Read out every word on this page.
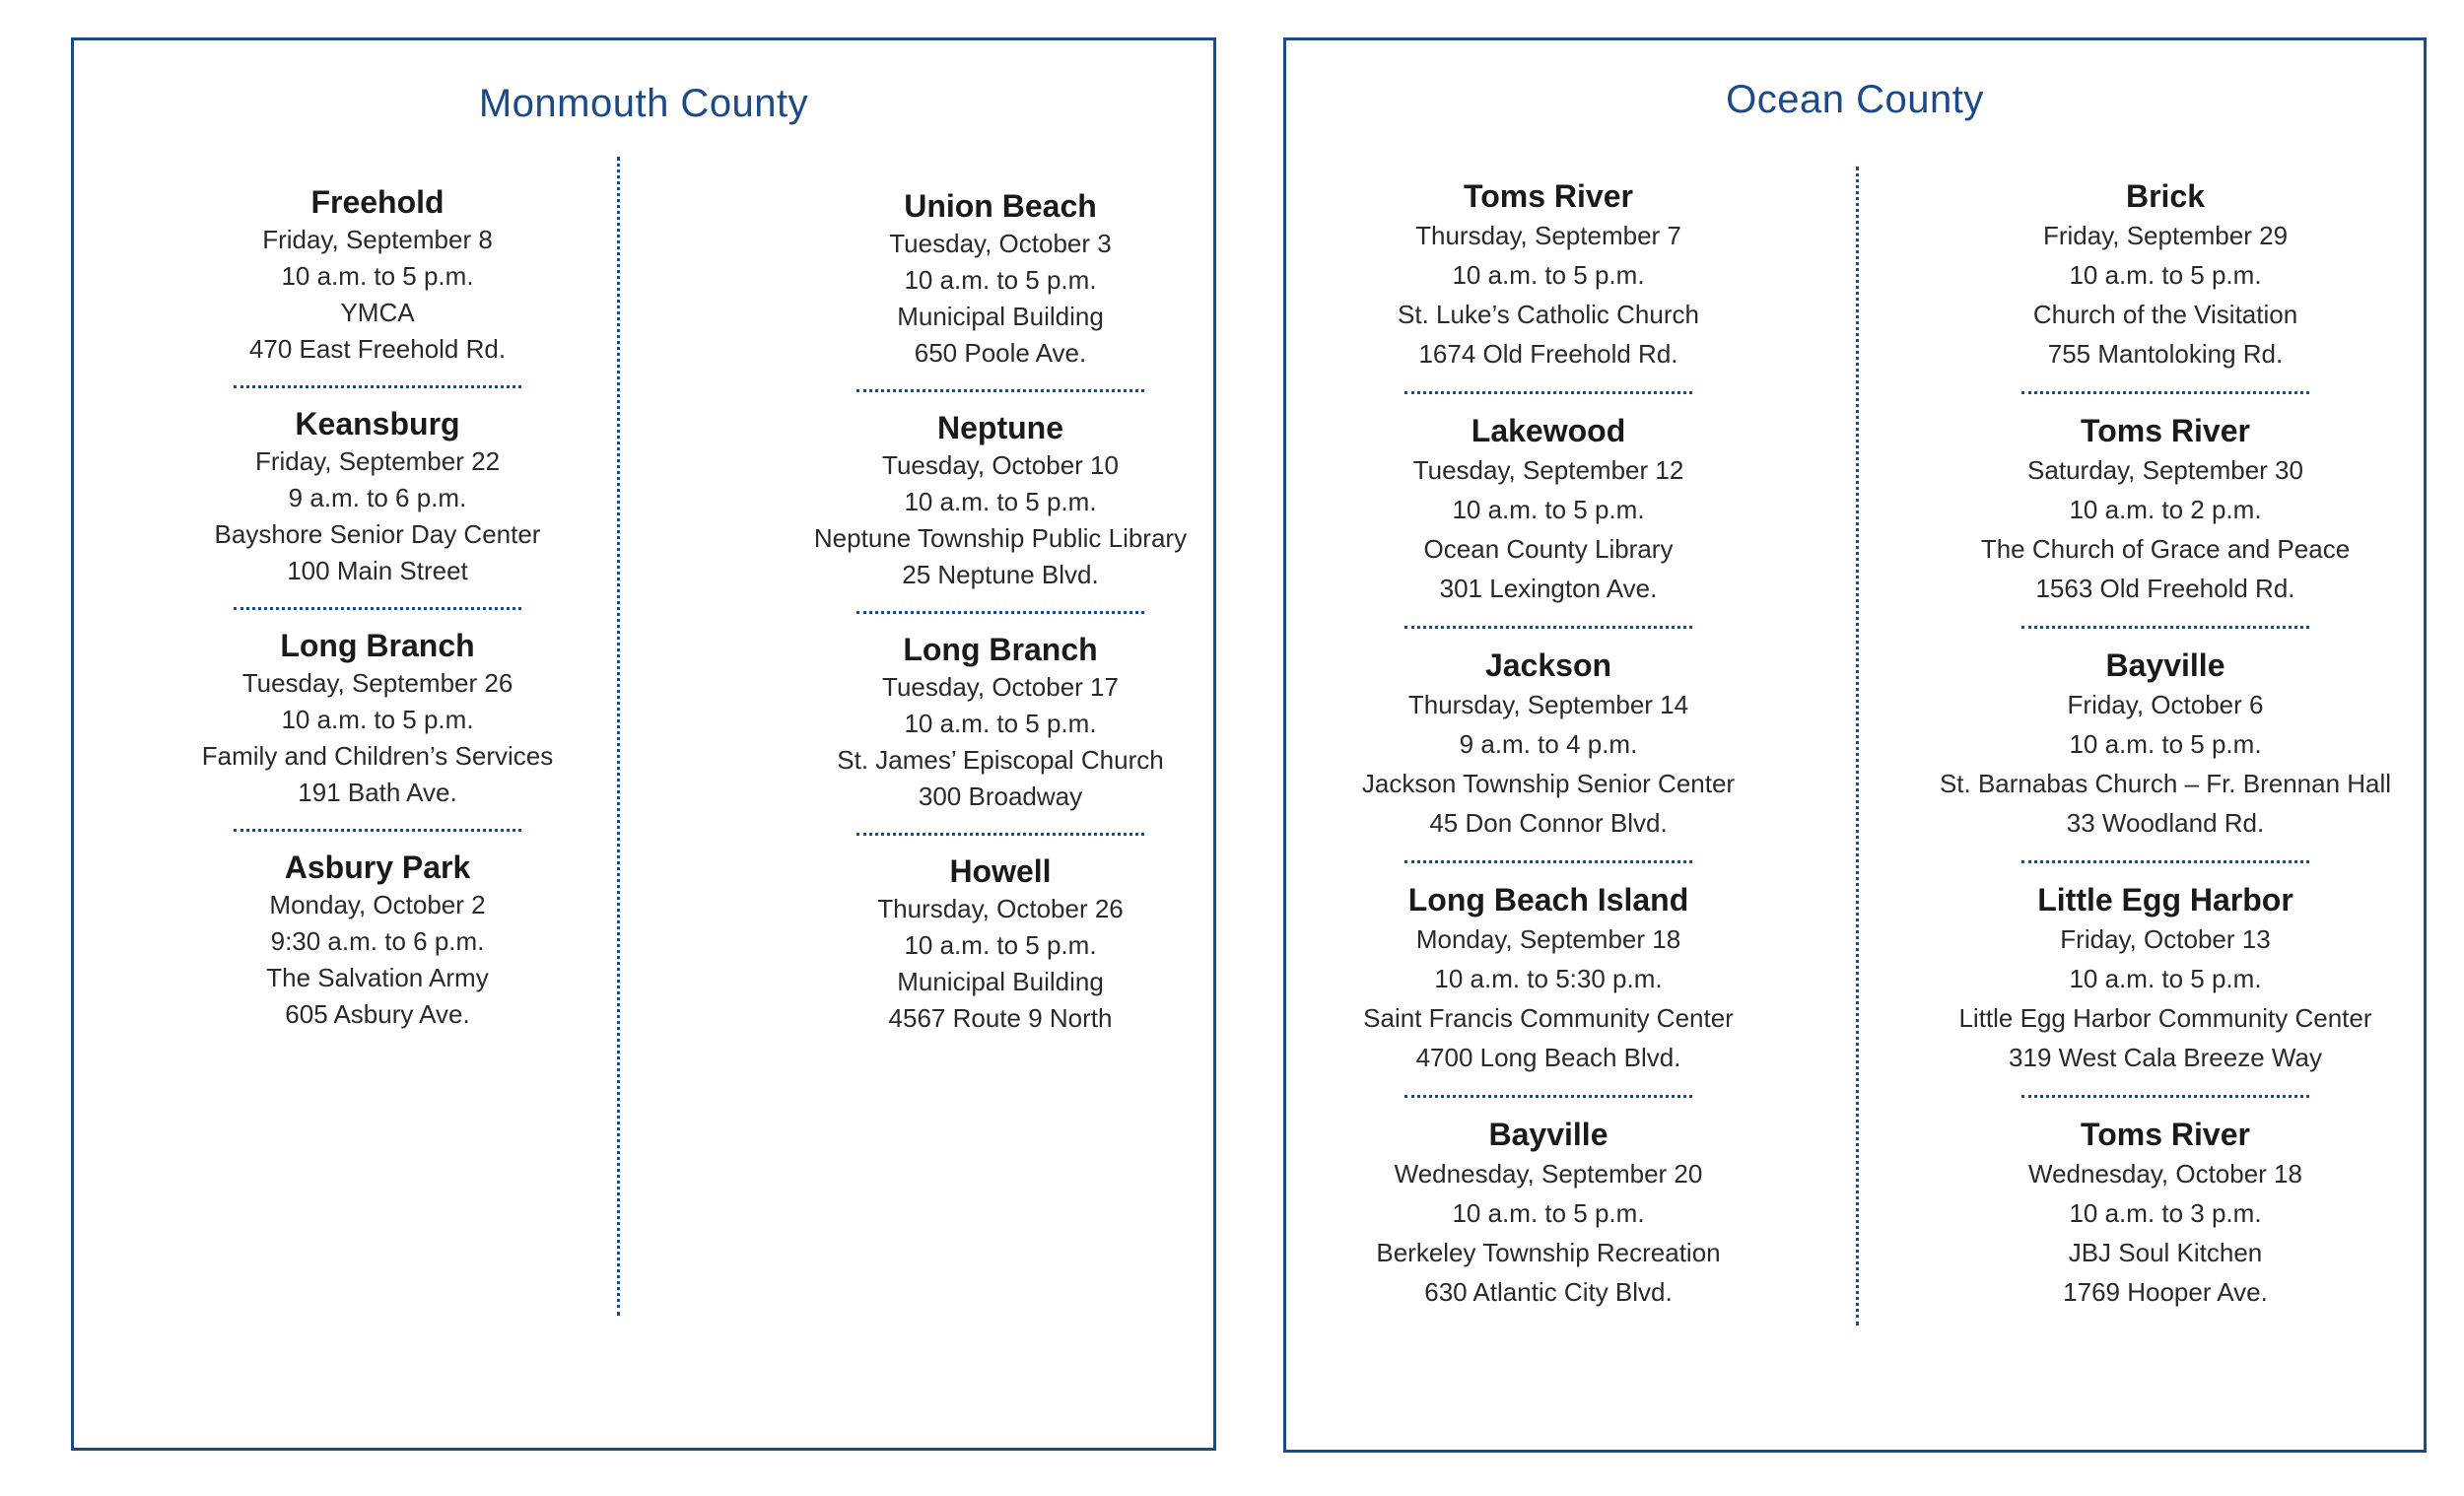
Monmouth County
Freehold
Friday, September 8
10 a.m. to 5 p.m.
YMCA
470 East Freehold Rd.
Keansburg
Friday, September 22
9 a.m. to 6 p.m.
Bayshore Senior Day Center
100 Main Street
Long Branch
Tuesday, September 26
10 a.m. to 5 p.m.
Family and Children’s Services
191 Bath Ave.
Asbury Park
Monday, October 2
9:30 a.m. to 6 p.m.
The Salvation Army
605 Asbury Ave.
Union Beach
Tuesday, October 3
10 a.m. to 5 p.m.
Municipal Building
650 Poole Ave.
Neptune
Tuesday, October 10
10 a.m. to 5 p.m.
Neptune Township Public Library
25 Neptune Blvd.
Long Branch
Tuesday, October 17
10 a.m. to 5 p.m.
St. James’ Episcopal Church
300 Broadway
Howell
Thursday, October 26
10 a.m. to 5 p.m.
Municipal Building
4567 Route 9 North
Ocean County
Toms River
Thursday, September 7
10 a.m. to 5 p.m.
St. Luke’s Catholic Church
1674 Old Freehold Rd.
Lakewood
Tuesday, September 12
10 a.m. to 5 p.m.
Ocean County Library
301 Lexington Ave.
Jackson
Thursday, September 14
9 a.m. to 4 p.m.
Jackson Township Senior Center
45 Don Connor Blvd.
Long Beach Island
Monday, September 18
10 a.m. to 5:30 p.m.
Saint Francis Community Center
4700 Long Beach Blvd.
Bayville
Wednesday, September 20
10 a.m. to 5 p.m.
Berkeley Township Recreation
630 Atlantic City Blvd.
Brick
Friday, September 29
10 a.m. to 5 p.m.
Church of the Visitation
755 Mantoloking Rd.
Toms River
Saturday, September 30
10 a.m. to 2 p.m.
The Church of Grace and Peace
1563 Old Freehold Rd.
Bayville
Friday, October 6
10 a.m. to 5 p.m.
St. Barnabas Church – Fr. Brennan Hall
33 Woodland Rd.
Little Egg Harbor
Friday, October 13
10 a.m. to 5 p.m.
Little Egg Harbor Community Center
319 West Cala Breeze Way
Toms River
Wednesday, October 18
10 a.m. to 3 p.m.
JBJ Soul Kitchen
1769 Hooper Ave.
